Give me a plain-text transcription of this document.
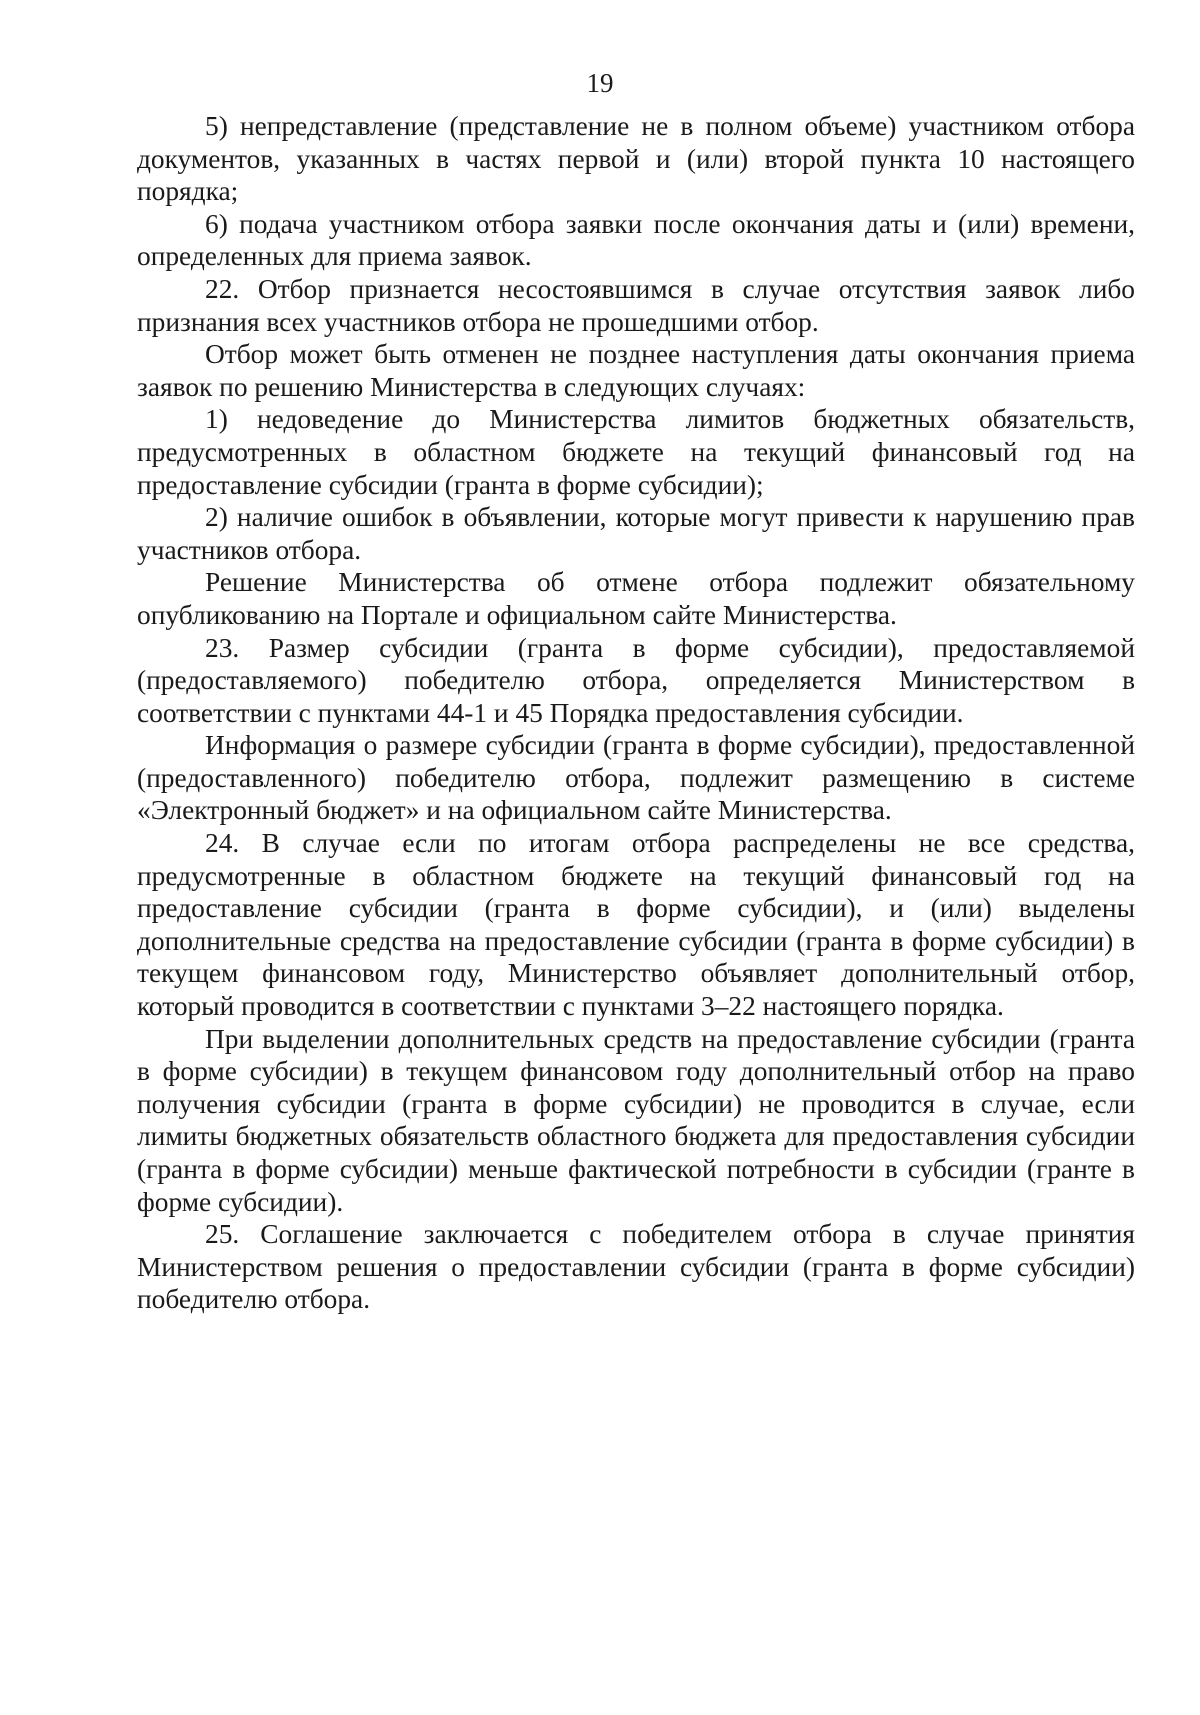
19

5) непредставление (представление не в полном объеме) участником отбора документов, указанных в частях первой и (или) второй пункта 10 настоящего порядка;

6) подача участником отбора заявки после окончания даты и (или) времени, определенных для приема заявок.

22. Отбор признается несостоявшимся в случае отсутствия заявок либо признания всех участников отбора не прошедшими отбор.

Отбор может быть отменен не позднее наступления даты окончания приема заявок по решению Министерства в следующих случаях:

1) недоведение до Министерства лимитов бюджетных обязательств, предусмотренных в областном бюджете на текущий финансовый год на предоставление субсидии (гранта в форме субсидии);

2) наличие ошибок в объявлении, которые могут привести к нарушению прав участников отбора.

Решение Министерства об отмене отбора подлежит обязательному опубликованию на Портале и официальном сайте Министерства.

23. Размер субсидии (гранта в форме субсидии), предоставляемой (предоставляемого) победителю отбора, определяется Министерством в соответствии с пунктами 44-1 и 45 Порядка предоставления субсидии.

Информация о размере субсидии (гранта в форме субсидии), предоставленной (предоставленного) победителю отбора, подлежит размещению в системе «Электронный бюджет» и на официальном сайте Министерства.

24. В случае если по итогам отбора распределены не все средства, предусмотренные в областном бюджете на текущий финансовый год на предоставление субсидии (гранта в форме субсидии), и (или) выделены дополнительные средства на предоставление субсидии (гранта в форме субсидии) в текущем финансовом году, Министерство объявляет дополнительный отбор, который проводится в соответствии с пунктами 3–22 настоящего порядка.

При выделении дополнительных средств на предоставление субсидии (гранта в форме субсидии) в текущем финансовом году дополнительный отбор на право получения субсидии (гранта в форме субсидии) не проводится в случае, если лимиты бюджетных обязательств областного бюджета для предоставления субсидии (гранта в форме субсидии) меньше фактической потребности в субсидии (гранте в форме субсидии).

25. Соглашение заключается с победителем отбора в случае принятия Министерством решения о предоставлении субсидии (гранта в форме субсидии) победителю отбора.
